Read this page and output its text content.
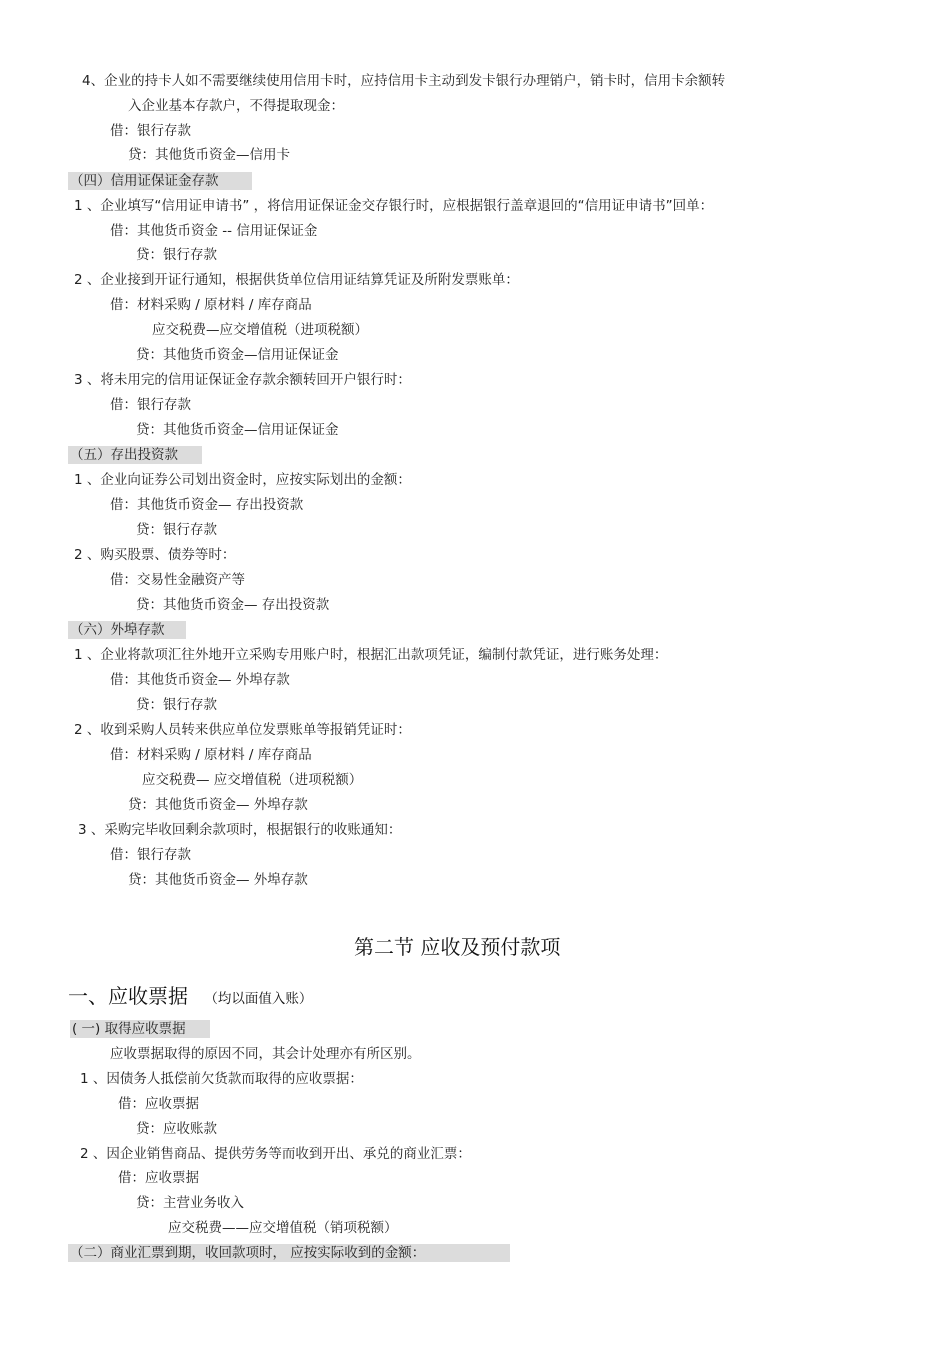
4、企业的持卡人如不需要继续使用信用卡时，应持信用卡主动到发卡银行办理销户，销卡时，信用卡余额转
入企业基本存款户，不得提取现金：
借：银行存款
贷：其他货币资金—信用卡
（四）信用证保证金存款
1 、企业填写“信用证申请书” ，将信用证保证金交存银行时，应根据银行盖章退回的“信用证申请书”回单：
借：其他货币资金 -- 信用证保证金
贷：银行存款
2 、企业接到开证行通知，根据供货单位信用证结算凭证及所附发票账单：
借：材料采购 / 原材料 / 库存商品
应交税费—应交增值税（进项税额）
贷：其他货币资金—信用证保证金
3 、将未用完的信用证保证金存款余额转回开户银行时：
借：银行存款
贷：其他货币资金—信用证保证金
（五）存出投资款
1 、企业向证券公司划出资金时，应按实际划出的金额：
借：其他货币资金— 存出投资款
贷：银行存款
2 、购买股票、债券等时：
借：交易性金融资产等
贷：其他货币资金— 存出投资款
（六）外埠存款
1 、企业将款项汇往外地开立采购专用账户时，根据汇出款项凭证，编制付款凭证，进行账务处理：
借：其他货币资金— 外埠存款
贷：银行存款
2 、收到采购人员转来供应单位发票账单等报销凭证时：
借：材料采购 / 原材料 / 库存商品
应交税费— 应交增值税（进项税额）
贷：其他货币资金— 外埠存款
3 、采购完毕收回剩余款项时，根据银行的收账通知：
借：银行存款
贷：其他货币资金— 外埠存款
第二节 应收及预付款项
一、应收票据 （均以面值入账）
( 一) 取得应收票据
应收票据取得的原因不同，其会计处理亦有所区别。
1 、因债务人抵偿前欠货款而取得的应收票据：
借：应收票据
贷：应收账款
2 、因企业销售商品、提供劳务等而收到开出、承兑的商业汇票：
借：应收票据
贷：主营业务收入
应交税费——应交增值税（销项税额）
（二）商业汇票到期，收回款项时， 应按实际收到的金额：
